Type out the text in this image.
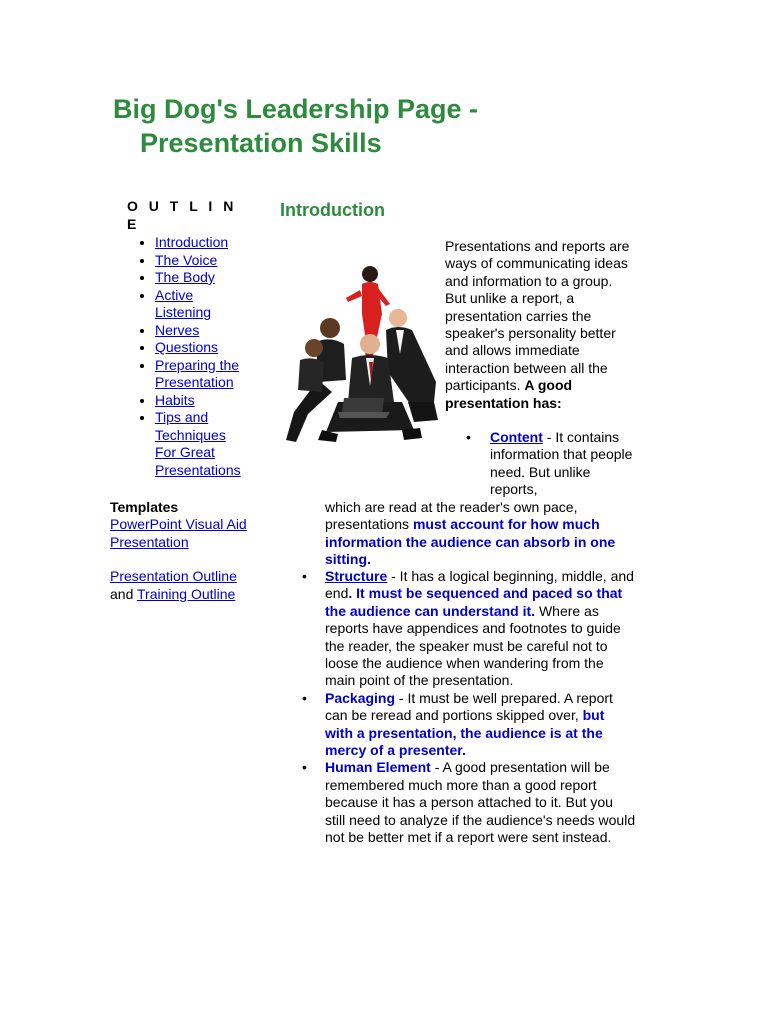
Big Dog's Leadership Page -
Presentation Skills
O U T L I N E
• Introduction
• The Voice
• The Body
• Active Listening
• Nerves
• Questions
• Preparing the Presentation
• Habits
• Tips and Techniques For Great Presentations
Templates

PowerPoint Visual Aid Presentation

Presentation Outline and Training Outline

Introduction

Presentations and reports are ways of communicating ideas and information to a group. But unlike a report, a presentation carries the speaker's personality better and allows immediate interaction between all the participants. A good presentation has:

• Content - It contains information that people need. But unlike reports,

which are read at the reader's own pace, presentations must account for how much information the audience can absorb in one sitting.

• Structure - It has a logical beginning, middle, and end. It must be sequenced and paced so that the audience can understand it. Where as reports have appendices and footnotes to guide the reader, the speaker must be careful not to loose the audience when wandering from the main point of the presentation.
• Packaging - It must be well prepared. A report can be reread and portions skipped over, but with a presentation, the audience is at the mercy of a presenter.
• Human Element - A good presentation will be remembered much more than a good report because it has a person attached to it. But you still need to analyze if the audience's needs would not be better met if a report were sent instead.
